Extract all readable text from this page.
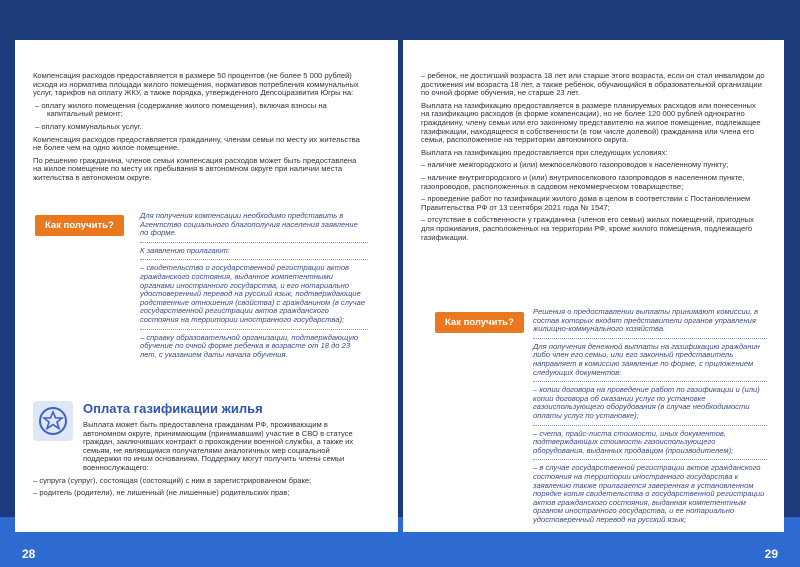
Компенсация расходов предоставляется в размере 50 процентов (не более 5 000 рублей) исходя из норматива площади жилого помещения, нормативов потребления коммунальных услуг, тарифов на оплату ЖКУ, а также порядка, утвержденного Депсоцразвития Югры на:

– оплату жилого помещения (содержание жилого помещения), включая взносы на капитальный ремонт;

– оплату коммунальных услуг.

Компенсация расходов предоставляется гражданину, членам семьи по месту их жительства не более чем на одно жилое помещение.

По решению гражданина, членов семьи компенсация расходов может быть предоставлена на жилое помещение по месту их пребывания в автономном округе при наличии места жительства в автономном округе.

Как получить?

Для получения компенсации необходимо представить в Агентство социального благополучия населения заявление по форме.

К заявлению прилагают:

– свидетельство о государственной регистрации актов гражданского состояния, выданное компетентными органами иностранного государства, и его нотариально удостоверенный перевод на русский язык, подтверждающие родственные отношения (свойства) с гражданином (в случае государственной регистрации актов гражданского состояния на территории иностранного государства);

– справку образовательной организации, подтверждающую обучение по очной форме ребенка в возрасте от 18 до 23 лет, с указанием даты начала обучения.

Оплата газификации жилья

Выплата может быть предоставлена гражданам РФ, проживающим в автономном округе, принимающим (принимавшим) участие в СВО в статусе граждан, заключивших контракт о прохождении военной службы, а также их семьям, не являющимся получателями аналогичных мер социальной поддержки по иным основаниям. Поддержку могут получить члены семьи военнослужащего:

– супруга (супруг), состоящая (состоящий) с ним в зарегистрированном браке;

– родитель (родители), не лишенный (не лишенные) родительских прав;

28

– ребенок, не достигший возраста 18 лет или старше этого возраста, если он стал инвалидом до достижения им возраста 18 лет, а также ребенок, обучающийся в образовательной организации по очной форме обучения, не старше 23 лет.

Выплата на газификацию предоставляется в размере планируемых расходов или понесенных на газификацию расходов (в форме компенсации), но не более 120 000 рублей однократно гражданину, члену семьи или его законному представителю на жилое помещение, подлежащее газификации, находящееся в собственности (в том числе долевой) гражданина или члена его семьи, расположенное на территории автономного округа.

Выплата на газификацию предоставляется при следующих условиях:

– наличие межгородского и (или) межпоселкового газопроводов к населенному пункту;

– наличие внутригородского и (или) внутрипоселкового газопроводов в населенном пункте, газопроводов, расположенных в садовом некоммерческом товариществе;

– проведение работ по газификации жилого дома в целом в соответствии с Постановлением Правительства РФ от 13 сентября 2021 года № 1547;

– отсутствие в собственности у гражданина (членов его семьи) жилых помещений, пригодных для проживания, расположенных на территории РФ, кроме жилого помещения, подлежащего газификации.

Как получить?

Решения о предоставлении выплаты принимают комиссии, в состав которых входят представители органов управления жилищно-коммунального хозяйства.

Для получения денежной выплаты на газификацию гражданин либо член его семьи, или его законный представитель направляет в комиссию заявление по форме, с приложением следующих документов:

– копии договора на проведение работ по газификации и (или) копии договора об оказании услуг по установке газоиспользующего оборудования (в случае необходимости оплаты услуг по установке);

– счета, прайс-листа стоимости, иных документов, подтверждающих стоимость газоиспользующего оборудования, выданных продавцом (производителем);

– в случае государственной регистрации актов гражданского состояния на территории иностранного государства к заявлению также прилагается заверенная в установленном порядке копия свидетельства о государственной регистрации актов гражданского состояния, выданная компетентным органом иностранного государства, и ее нотариально удостоверенный перевод на русский язык;

29
